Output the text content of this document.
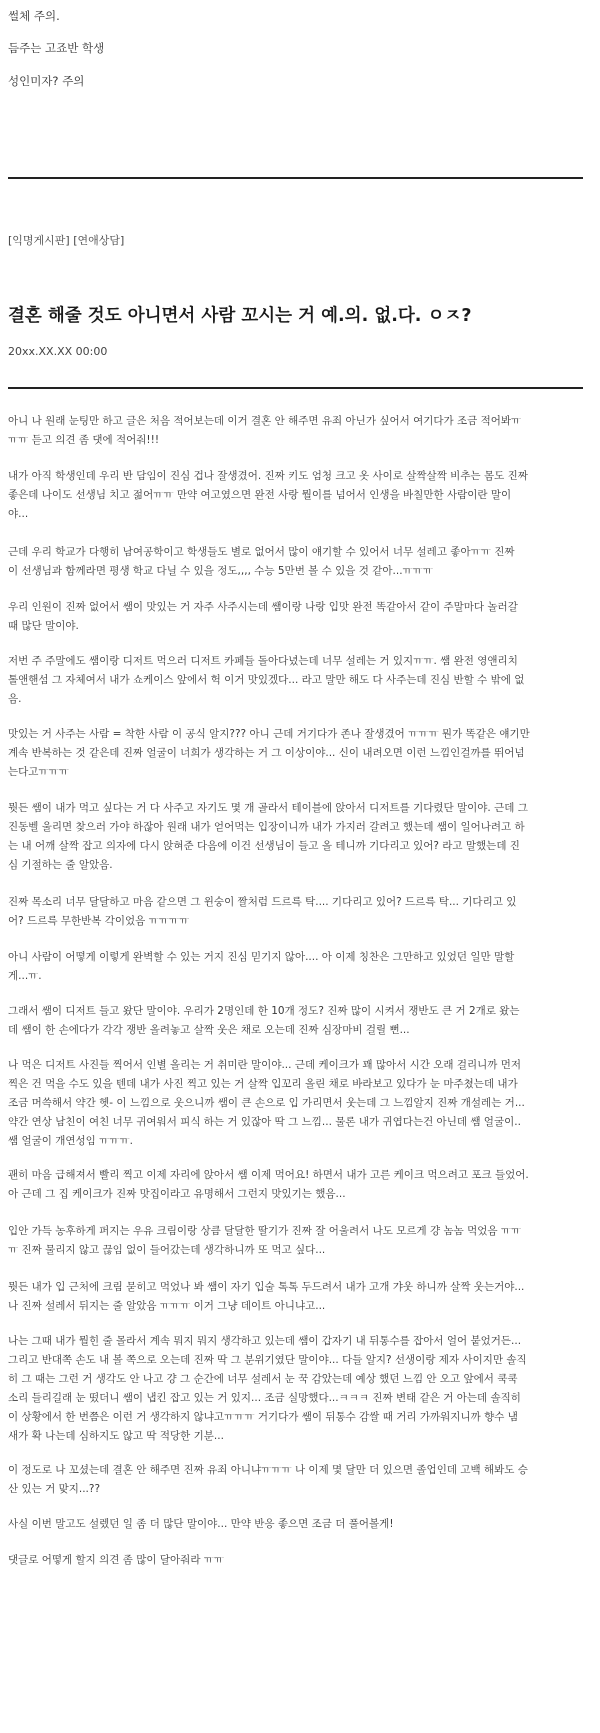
썰체 주의.
듬주는 고죠반 학생
성인미자? 주의
[익명게시판] [연애상담]
결혼 해줄 것도 아니면서 사람 꼬시는 거 예.의. 없.다. ㅇㅈ?
20xx.XX.XX 00:00

아니 나 원래 눈팅만 하고 글은 처음 적어보는데 이거 결혼 안 해주면 유죄 아닌가 싶어서 여기다가 조금 적어봐ㅠ

ㅠㅠ 듣고 의견 좀 댓에 적어줘!!!

내가 아직 학생인데 우리 반 담임이 진심 겁나 잘생겼어. 진짜 키도 엄청 크고 옷 사이로 살짝살짝 비추는 몸도 진짜

좋은데 나이도 선생님 치고 젊어ㅠㅠ 만약 여고였으면 완전 사랑 뭘이를 넘어서 인생을 바칠만한 사람이란 말이

야...

근데 우리 학교가 다행히 남여공학이고 학생들도 별로 없어서 많이 얘기할 수 있어서 너무 설레고 좋아ㅠㅠ 진짜

이 선생님과 함께라면 평생 학교 다닐 수 있을 정도,,,, 수능 5만번 볼 수 있을 것 같아...ㅠㅠㅠ

우리 인원이 진짜 없어서 쌤이 맛있는 거 자주 사주시는데 쌤이랑 나랑 입맛 완전 똑같아서 같이 주말마다 놀러갈

때 많단 말이야.

저번 주 주말에도 쌤이랑 디저트 먹으러 디저트 카페들 돌아다녔는데 너무 설레는 거 있지ㅠㅠ. 쌤 완전 영앤리치

톨앤핸섬 그 자체여서 내가 쇼케이스 앞에서 헉 이거 맛있겠다... 라고 말만 해도 다 사주는데 진심 반할 수 밖에 없

음.

맛있는 거 사주는 사람 = 착한 사람 이 공식 알지??? 아니 근데 거기다가 존나 잘생겼어 ㅠㅠㅠ 뭔가 똑같은 얘기만

계속 반복하는 것 같은데 진짜 얼굴이 너희가 생각하는 거 그 이상이야... 신이 내려오면 이런 느낌인걸까를 뛰어넘

는다고ㅠㅠㅠ

뭣든 쌤이 내가 먹고 싶다는 거 다 사주고 자기도 몇 개 골라서 테이블에 앉아서 디저트를 기다렸단 말이야. 근데 그

진동벨 울리면 찾으러 가야 하잖아 원래 내가 얻어먹는 입장이니까 내가 가지러 갈려고 했는데 쌤이 일어나려고 하

는 내 어깨 살짝 잡고 의자에 다시 앉혀준 다음에 이건 선생님이 들고 올 테니까 기다리고 있어? 라고 말했는데 진

심 기절하는 줄 알았음.

진짜 목소리 너무 달달하고 마음 같으면 그 윈숭이 짤처럼 드르륵 탁.... 기다리고 있어? 드르륵 탁... 기다리고 있

어? 드르륵 무한반복 각이었음 ㅠㅠㅠㅠ

아니 사람이 어떻게 이렇게 완벽할 수 있는 거지 진심 믿기지 않아.... 아 이제 칭찬은 그만하고 있었던 일만 말할

게...ㅠ.

그래서 쌤이 디저트 들고 왔단 말이야. 우리가 2명인데 한 10개 정도? 진짜 많이 시켜서 쟁반도 큰 거 2개로 왔는

데 쌤이 한 손에다가 각각 쟁반 올려놓고 살짝 웃은 채로 오는데 진짜 심장마비 걸릴 뻔...

나 먹은 디저트 사진들 찍어서 인별 올리는 거 취미란 말이야... 근데 케이크가 꽤 많아서 시간 오래 걸리니까 먼저

찍은 건 먹을 수도 있을 텐데 내가 사진 찍고 있는 거 살짝 입꼬리 올린 채로 바라보고 있다가 눈 마주쳤는데 내가

조금 머쓱해서 약간 헷- 이 느낌으로 웃으니까 쌤이 큰 손으로 입 가리면서 웃는데 그 느낌알지 진짜 개설레는 거...

약간 연상 남친이 여친 너무 귀여워서 피식 하는 거 있잖아 딱 그 느낌... 물론 내가 귀엽다는건 아닌데 쌤 얼굴이..

쌤 얼굴이 개연성임 ㅠㅠㅠ.

괜히 마음 급해져서 빨리 찍고 이제 자리에 앉아서 쌤 이제 먹어요! 하면서 내가 고른 케이크 먹으려고 포크 들었어.

아 근데 그 집 케이크가 진짜 맛집이라고 유명해서 그런지 맛있기는 했음...

입안 가득 농후하게 퍼지는 우유 크림이랑 상큼 달달한 딸기가 진짜 잘 어울려서 나도 모르게 걍 놈놈 먹었음 ㅠㅠ

ㅠ 진짜 물리지 않고 끊임 없이 들어갔는데 생각하니까 또 먹고 싶다...

뭣든 내가 입 근처에 크림 묻히고 먹었나 봐 쌤이 자기 입술 톡톡 두드려서 내가 고개 갸웃 하니까 살짝 웃는거야...

나 진짜 설레서 뒤지는 줄 알았음 ㅠㅠㅠ 이거 그냥 데이트 아니냐고...

나는 그때 내가 뭘힌 줄 몰라서 계속 뭐지 뭐지 생각하고 있는데 쌤이 갑자기 내 뒤통수를 잡아서 얼어 붙었거든...

그리고 반대쪽 손도 내 볼 쪽으로 오는데 진짜 딱 그 분위기였단 말이야... 다들 알지? 선생이랑 제자 사이지만 솔직

히 그 때는 그런 거 생각도 안 나고 걍 그 순간에 너무 설레서 눈 꾹 감았는데 예상 했던 느낌 안 오고 앞에서 쿡쿡

소리 들리길래 눈 떴더니 쌤이 냅킨 잡고 있는 거 있지... 조금 실망했다...ㅋㅋㅋ 진짜 변태 같은 거 아는데 솔직히

이 상황에서 한 번쯤은 이런 거 생각하지 않냐고ㅠㅠㅠ 거기다가 쌤이 뒤통수 감쌀 때 거리 가까워지니까 향수 냄

새가 확 나는데 심하지도 않고 딱 적당한 기분...

이 정도로 나 꼬셨는데 결혼 안 해주면 진짜 유죄 아니냐ㅠㅠㅠ 나 이제 몇 달만 더 있으면 졸업인데 고백 해봐도 승

산 있는 거 맞지...??

사실 이번 말고도 설렜던 일 좀 더 많단 말이야... 만약 반응 좋으면 조금 더 풀어볼게!

댓글로 어떻게 할지 의견 좀 많이 달아줘라 ㅠㅠ
